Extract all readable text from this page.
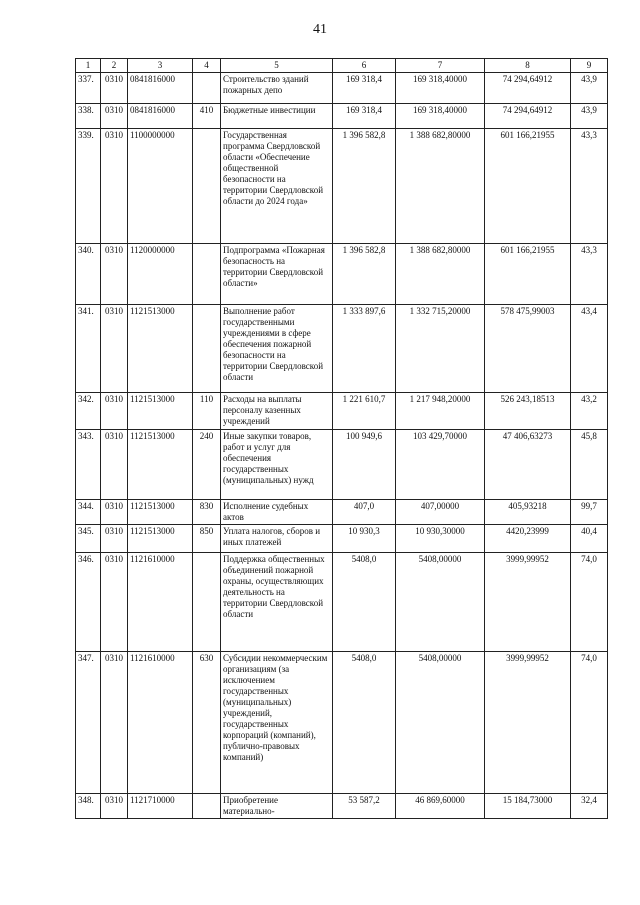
41
1	2	3	4	5	6	7	8	9
337.	0310	0841816000		Строительство зданий пожарных депо	169 318,4	169 318,40000	74 294,64912	43,9
338.	0310	0841816000	410	Бюджетные инвестиции	169 318,4	169 318,40000	74 294,64912	43,9
339.	0310	1100000000		Государственная программа Свердловской области «Обеспечение общественной безопасности на территории Свердловской области до 2024 года»	1 396 582,8	1 388 682,80000	601 166,21955	43,3
340.	0310	1120000000		Подпрограмма «Пожарная безопасность на территории Свердловской области»	1 396 582,8	1 388 682,80000	601 166,21955	43,3
341.	0310	1121513000		Выполнение работ государственными учреждениями в сфере обеспечения пожарной безопасности на территории Свердловской области	1 333 897,6	1 332 715,20000	578 475,99003	43,4
342.	0310	1121513000	110	Расходы на выплаты персоналу казенных учреждений	1 221 610,7	1 217 948,20000	526 243,18513	43,2
343.	0310	1121513000	240	Иные закупки товаров, работ и услуг для обеспечения государственных (муниципальных) нужд	100 949,6	103 429,70000	47 406,63273	45,8
344.	0310	1121513000	830	Исполнение судебных актов	407,0	407,00000	405,93218	99,7
345.	0310	1121513000	850	Уплата налогов, сборов и иных платежей	10 930,3	10 930,30000	4420,23999	40,4
346.	0310	1121610000		Поддержка общественных объединений пожарной охраны, осуществляющих деятельность на территории Свердловской области	5408,0	5408,00000	3999,99952	74,0
347.	0310	1121610000	630	Субсидии некоммерческим организациям (за исключением государственных (муниципальных) учреждений, государственных корпораций (компаний), публично-правовых компаний)	5408,0	5408,00000	3999,99952	74,0
348.	0310	1121710000		Приобретение материально-	53 587,2	46 869,60000	15 184,73000	32,4
